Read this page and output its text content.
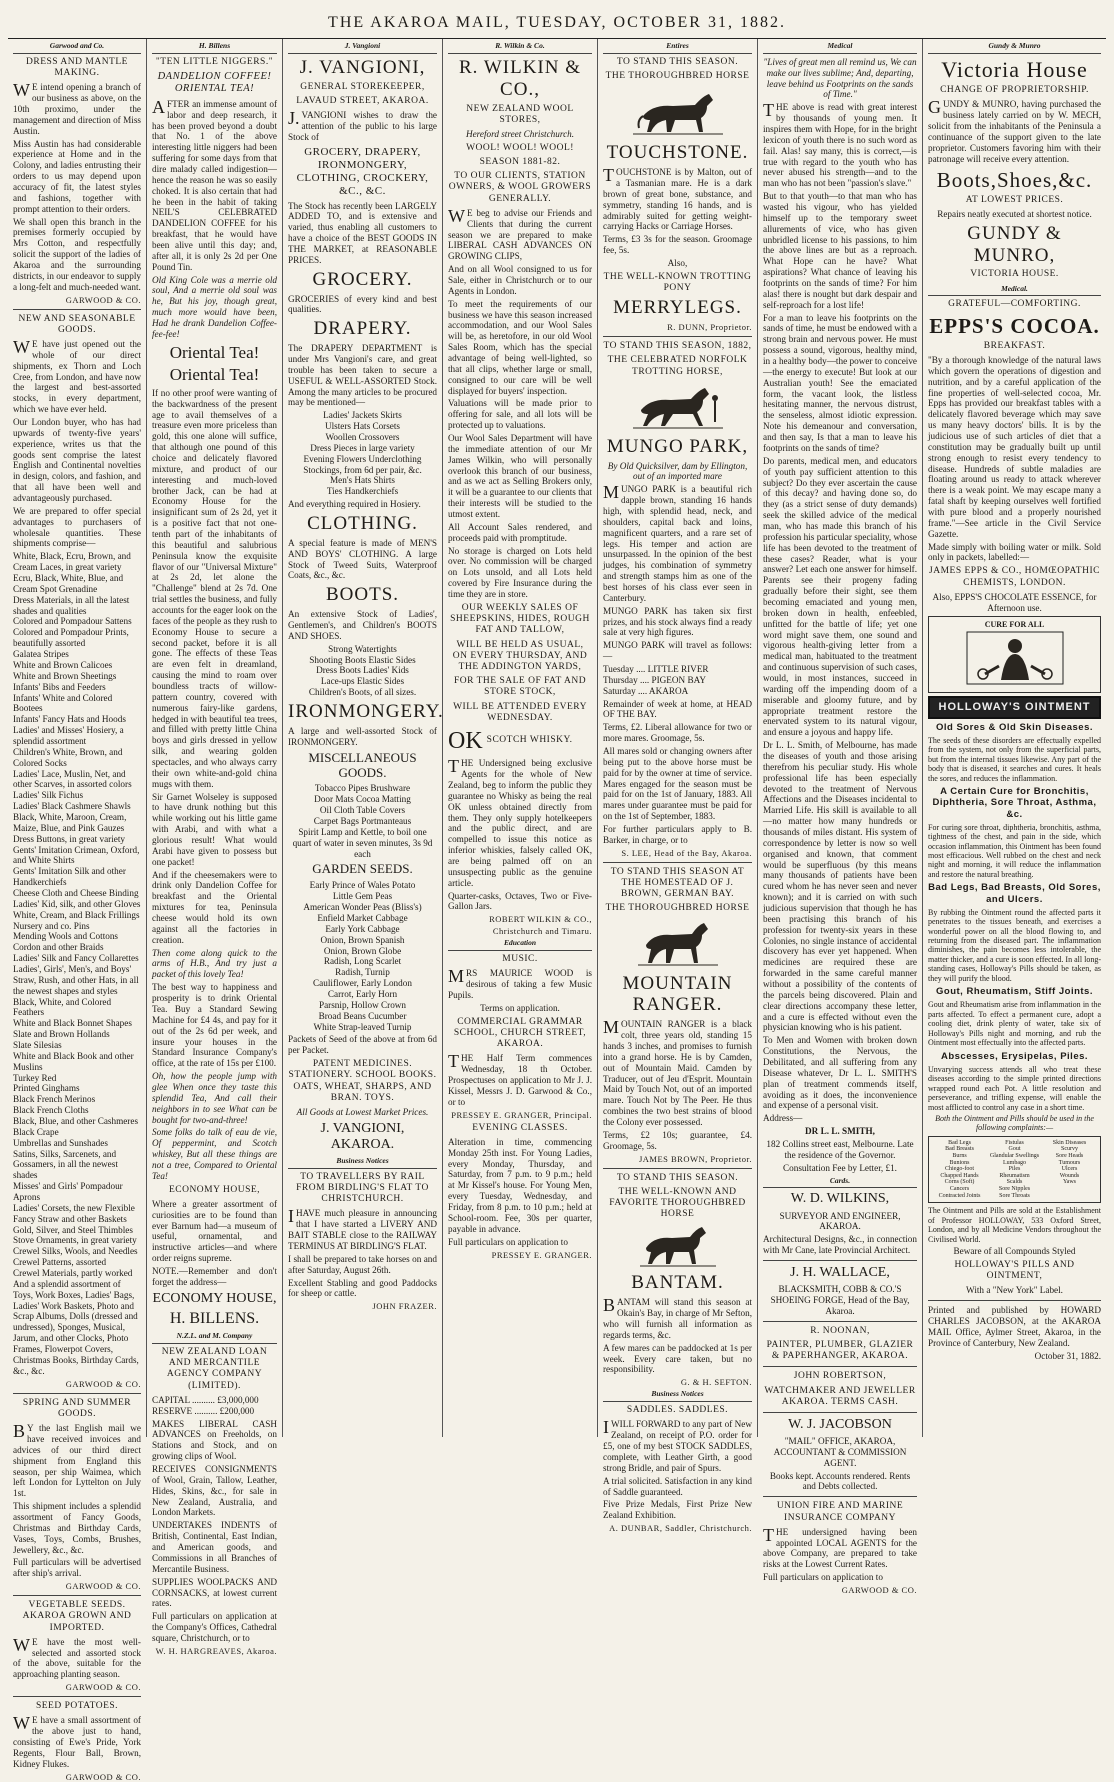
THE AKAROA MAIL, TUESDAY, OCTOBER 31, 1882.
Garwood and Co.
DRESS AND MANTLE MAKING.

WE intend opening a branch of our business as above, on the 10th proximo, under the management and direction of Miss Austin.

Miss Austin has had considerable experience at Home and in the Colony, and ladies entrusting their orders to us may depend upon accuracy of fit, the latest styles and fashions, together with prompt attention to their orders.

We shall open this branch in the premises formerly occupied by Mrs Cotton, and respectfully solicit the support of the ladies of Akaroa and the surrounding districts, in our endeavor to supply a long-felt and much-needed want.

GARWOOD & CO.
NEW AND SEASONABLE GOODS.

WE have just opened out the whole of our direct shipments, ex Thorn and Loch Cree, from London, and have now the largest and best-assorted stocks, in every department, which we have ever held.

Our London buyer, who has had upwards of twenty-five years' experience, writes us that the goods sent comprise the latest English and Continental novelties in design, colors, and fashion, and that all have been well and advantageously purchased.

We are prepared to offer special advantages to purchasers of wholesale quantities. These shipments comprise—

White, Black, Ecru, Brown, and Cream Laces, in great variety
Ecru, Black, White, Blue, and Cream Spot Grenadine
Dress Materials, in all the latest shades and qualities
Colored and Pompadour Sattens
Colored and Pompadour Prints, beautifully assorted
Galatea Stripes
White and Brown Calicoes
White and Brown Sheetings
Infants' Bibs and Feeders
Infants' White and Colored Bootees
Infants' Fancy Hats and Hoods
Ladies' and Misses' Hosiery, a splendid assortment
Children's White, Brown, and Colored Socks
Ladies' Lace, Muslin, Net, and other Scarves, in assorted colors
Ladies' Silk Fichus
Ladies' Black Cashmere Shawls
Black, White, Maroon, Cream, Maize, Blue, and Pink Gauzes
Dress Buttons, in great variety
Gents' Imitation Crimean, Oxford, and White Shirts
Gents' Imitation Silk and other Handkerchiefs
Cheese Cloth and Cheese Binding
Ladies' Kid, silk, and other Gloves
White, Cream, and Black Frillings
Nursery and co. Pins
Mending Wools and Cottons
Cordon and other Braids
Ladies' Silk and Fancy Collarettes
Ladies', Girls', Men's, and Boys' Straw, Rush, and other Hats, in all the newest shapes and styles
Black, White, and Colored Feathers
White and Black Bonnet Shapes
Slate and Brown Hollands
Slate Silesias
White and Black Book and other Muslins
Turkey Red
Printed Ginghams
Black French Merinos
Black French Cloths
Black, Blue, and other Cashmeres
Black Crape
Umbrellas and Sunshades
Satins, Silks, Sarcenets, and Gossamers, in all the newest shades
Misses' and Girls' Pompadour Aprons
Ladies' Corsets, the new Flexible
Fancy Straw and other Baskets
Gold, Silver, and Steel Thimbles
Stove Ornaments, in great variety
Crewel Silks, Wools, and Needles
Crewel Patterns, assorted
Crewel Materials, partly worked
And a splendid assortment of Toys, Work Boxes, Ladies' Bags, Ladies' Work Baskets, Photo and Scrap Albums, Dolls (dressed and undressed), Sponges, Musical, Jarum, and other Clocks, Photo Frames, Flowerpot Covers, Christmas Books, Birthday Cards, &c., &c.
GARWOOD & CO.
SPRING AND SUMMER GOODS.

BY the last English mail we have received invoices and advices of our third direct shipment from England this season, per ship Waimea, which left London for Lyttelton on July 1st.

This shipment includes a splendid assortment of Fancy Goods, Christmas and Birthday Cards, Vases, Toys, Combs, Brushes, Jewellery, &c., &c.

Full particulars will be advertised after ship's arrival.

GARWOOD & CO.
VEGETABLE SEEDS. AKAROA GROWN AND IMPORTED.

WE have the most well-selected and assorted stock of the above, suitable for the approaching planting season.

GARWOOD & CO.
SEED POTATOES.

WE have a small assortment of the above just to hand, consisting of Ewe's Pride, York Regents, Flour Ball, Brown, Kidney Flukes.

GARWOOD & CO.
H. Billens
"TEN LITTLE NIGGERS."
DANDELION COFFEE! ORIENTAL TEA!

AFTER an immense amount of labor and deep research, it has been proved beyond a doubt that No. 1 of the above interesting little niggers had been suffering for some days from that dire malady called indigestion—hence the reason he was so easily choked. It is also certain that had he been in the habit of taking NEIL'S CELEBRATED DANDELION COFFEE for his breakfast, that he would have been alive until this day; and, after all, it is only 2s 2d per One Pound Tin.

Old King Cole was a merrie old soul, And a merrie old soul was he, But his joy, though great, much more would have been, Had he drank Dandelion Coffee-fee-fee!

Oriental Tea!
Oriental Tea!

If no other proof were wanting of the backwardness of the present age to avail themselves of a treasure even more priceless than gold, this one alone will suffice, that although one pound of this choice and delicately flavored mixture, and product of our interesting and much-loved brother Jack, can be had at Economy House for the insignificant sum of 2s 2d, yet it is a positive fact that not one-tenth part of the inhabitants of this beautiful and salubrious Peninsula know the exquisite flavor of our "Universal Mixture" at 2s 2d, let alone the "Challenge" blend at 2s 7d. One trial settles the business, and fully accounts for the eager look on the faces of the people as they rush to Economy House to secure a second packet, before it is all gone. The effects of these Teas are even felt in dreamland, causing the mind to roam over boundless tracts of willow-pattern country, covered with numerous fairy-like gardens, hedged in with beautiful tea trees, and filled with pretty little China boys and girls dressed in yellow silk, and wearing golden spectacles, and who always carry their own white-and-gold china mugs with them.

Sir Garnet Wolseley is supposed to have drunk nothing but this while working out his little game with Arabi, and with what a glorious result! What would Arabi have given to possess but one packet!

And if the cheesemakers were to drink only Dandelion Coffee for breakfast and the Oriental mixtures for tea, Peninsula cheese would hold its own against all the factories in creation.

Then come along quick to the arms of H.B., And try just a packet of this lovely Tea!

The best way to happiness and prosperity is to drink Oriental Tea. Buy a Standard Sewing Machine for £4 4s, and pay for it out of the 2s 6d per week, and insure your houses in the Standard Insurance Company's office, at the rate of 15s per £100.

Oh, how the people jump with glee When once they taste this splendid Tea, And call their neighbors in to see What can be bought for two-and-three!

Some folks do talk of eau de vie, Of peppermint, and Scotch whiskey, But all these things are not a tree, Compared to Oriental Tea!

ECONOMY HOUSE,

Where a greater assortment of curiosities are to be found than ever Barnum had—a museum of useful, ornamental, and instructive articles—and where order reigns supreme.

NOTE.—Remember and don't forget the address—

ECONOMY HOUSE,
H. BILLENS.
N.Z.L. and M. Company
NEW ZEALAND LOAN AND MERCANTILE AGENCY COMPANY (LIMITED).
CAPITAL .......... £3,000,000
RESERVE .......... £200,000

MAKES LIBERAL CASH ADVANCES on Freeholds, on Stations and Stock, and on growing clips of Wool.

RECEIVES CONSIGNMENTS of Wool, Grain, Tallow, Leather, Hides, Skins, &c., for sale in New Zealand, Australia, and London Markets.

UNDERTAKES INDENTS of British, Continental, East Indian, and American goods, and Commissions in all Branches of Mercantile Business.

SUPPLIES WOOLPACKS AND CORNSACKS, at lowest current rates.

Full particulars on application at the Company's Offices, Cathedral square, Christchurch, or to

W. H. HARGREAVES, Akaroa.
J. Vangioni
J. VANGIONI,
GENERAL STOREKEEPER,
LAVAUD STREET, AKAROA.

J.VANGIONI wishes to draw the attention of the public to his large Stock of

GROCERY, DRAPERY, IRONMONGERY, CLOTHING, CROCKERY, &C., &C.

The Stock has recently been LARGELY ADDED TO, and is extensive and varied, thus enabling all customers to have a choice of the BEST GOODS IN THE MARKET, at REASONABLE PRICES.

GROCERY.

GROCERIES of every kind and best qualities.

DRAPERY.

The DRAPERY DEPARTMENT is under Mrs Vangioni's care, and great trouble has been taken to secure a USEFUL & WELL-ASSORTED Stock. Among the many articles to be procured may be mentioned—

Ladies' Jackets Skirts
Ulsters Hats Corsets
Woollen Crossovers
Dress Pieces in large variety
Evening Flowers Underclothing
Stockings, from 6d per pair, &c.
Men's Hats Shirts
Ties Handkerchiefs

And everything required in Hosiery.

CLOTHING.

A special feature is made of MEN'S AND BOYS' CLOTHING. A large Stock of Tweed Suits, Waterproof Coats, &c., &c.

BOOTS.

An extensive Stock of Ladies', Gentlemen's, and Children's BOOTS AND SHOES.

Strong Watertights
Shooting Boots Elastic Sides
Dress Boots Ladies' Kids
Lace-ups Elastic Sides
Children's Boots, of all sizes.
IRONMONGERY.

A large and well-assorted Stock of IRONMONGERY.

MISCELLANEOUS GOODS.
Tobacco Pipes Brushware
Door Mats Cocoa Matting
Oil Cloth Table Covers
Carpet Bags Portmanteaus
Spirit Lamp and Kettle, to boil one quart of water in seven minutes, 3s 9d each
GARDEN SEEDS.
Early Prince of Wales Potato
Little Gem Peas
American Wonder Peas (Bliss's)
Enfield Market Cabbage
Early York Cabbage
Onion, Brown Spanish
Onion, Brown Globe
Radish, Long Scarlet
Radish, Turnip
Cauliflower, Early London
Carrot, Early Horn
Parsnip, Hollow Crown
Broad Beans Cucumber
White Strap-leaved Turnip

Packets of Seed of the above at from 6d per Packet.

PATENT MEDICINES. STATIONERY. SCHOOL BOOKS. OATS, WHEAT, SHARPS, AND BRAN. TOYS.

All Goods at Lowest Market Prices.

J. VANGIONI, AKAROA.
Business Notices
TO TRAVELLERS BY RAIL FROM BIRDLING'S FLAT TO CHRISTCHURCH.

IHAVE much pleasure in announcing that I have started a LIVERY AND BAIT STABLE close to the RAILWAY TERMINUS AT BIRDLING'S FLAT.

I shall be prepared to take horses on and after Saturday, August 26th.

Excellent Stabling and good Paddocks for sheep or cattle.

JOHN FRAZER.
R. Wilkin & Co.
R. WILKIN & CO.,
NEW ZEALAND WOOL STORES,
Hereford street Christchurch.
WOOL! WOOL! WOOL!
SEASON 1881-82.
TO OUR CLIENTS, STATION OWNERS, & WOOL GROWERS GENERALLY.

WE beg to advise our Friends and Clients that during the current season we are prepared to make LIBERAL CASH ADVANCES ON GROWING CLIPS,

And on all Wool consigned to us for Sale, either in Christchurch or to our Agents in London.

To meet the requirements of our business we have this season increased accommodation, and our Wool Sales will be, as heretofore, in our old Wool Sales Room, which has the special advantage of being well-lighted, so that all clips, whether large or small, consigned to our care will be well displayed for buyers' inspection.

Valuations will be made prior to offering for sale, and all lots will be protected up to valuations.

Our Wool Sales Department will have the immediate attention of our Mr James Wilkin, who will personally overlook this branch of our business, and as we act as Selling Brokers only, it will be a guarantee to our clients that their interests will be studied to the utmost extent.

All Account Sales rendered, and proceeds paid with promptitude.

No storage is charged on Lots held over. No commission will be charged on Lots unsold, and all Lots held covered by Fire Insurance during the time they are in store.

OUR WEEKLY SALES OF SHEEPSKINS, HIDES, ROUGH FAT AND TALLOW,
WILL BE HELD AS USUAL, ON EVERY THURSDAY, AND THE ADDINGTON YARDS,
FOR THE SALE OF FAT AND STORE STOCK,
WILL BE ATTENDED EVERY WEDNESDAY.
OK SCOTCH WHISKY.

THE Undersigned being exclusive Agents for the whole of New Zealand, beg to inform the public they guarantee no Whisky as being the real OK unless obtained directly from them. They only supply hotelkeepers and the public direct, and are compelled to issue this notice as inferior whiskies, falsely called OK, are being palmed off on an unsuspecting public as the genuine article.

Quarter-casks, Octaves, Two or Five-Gallon Jars.

ROBERT WILKIN & CO.,
Christchurch and Timaru.
Education
MUSIC.

MRS MAURICE WOOD is desirous of taking a few Music Pupils.

Terms on application.

COMMERCIAL GRAMMAR SCHOOL, CHURCH STREET, AKAROA.

THE Half Term commences Wednesday, 18 th October. Prospectuses on application to Mr J. J. Kissel, Messrs J. D. Garwood & Co., or to

PRESSEY E. GRANGER, Principal.
EVENING CLASSES.

Alteration in time, commencing Monday 25th inst. For Young Ladies, every Monday, Thursday, and Saturday, from 7 p.m. to 9 p.m.; held at Mr Kissel's house. For Young Men, every Tuesday, Wednesday, and Friday, from 8 p.m. to 10 p.m.; held at School-room. Fee, 30s per quarter, payable in advance.

Full particulars on application to

PRESSEY E. GRANGER.
Entires
TO STAND THIS SEASON.
THE THOROUGHBRED HORSE
TOUCHSTONE.

TOUCHSTONE is by Malton, out of a Tasmanian mare. He is a dark brown of great bone, substance, and symmetry, standing 16 hands, and is admirably suited for getting weight-carrying Hacks or Carriage Horses.

Terms, £3 3s for the season. Groomage fee, 5s.

Also,

THE WELL-KNOWN TROTTING PONY
MERRYLEGS.
R. DUNN, Proprietor.
TO STAND THIS SEASON, 1882,
THE CELEBRATED NORFOLK TROTTING HORSE,
MUNGO PARK,

By Old Quicksilver, dam by Ellington, out of an imported mare

MUNGO PARK is a beautiful rich dapple brown, standing 16 hands high, with splendid head, neck, and shoulders, capital back and loins, magnificent quarters, and a rare set of legs. His temper and action are unsurpassed. In the opinion of the best judges, his combination of symmetry and strength stamps him as one of the best horses of his class ever seen in Canterbury.

MUNGO PARK has taken six first prizes, and his stock always find a ready sale at very high figures.

MUNGO PARK will travel as follows:—

Tuesday .... LITTLE RIVER
Thursday .... PIGEON BAY
Saturday .... AKAROA

Remainder of week at home, at HEAD OF THE BAY.

Terms, £2. Liberal allowance for two or more mares. Groomage, 5s.

All mares sold or changing owners after being put to the above horse must be paid for by the owner at time of service. Mares engaged for the season must be paid for on the 1st of January, 1883. All mares under guarantee must be paid for on the 1st of September, 1883.

For further particulars apply to B. Barker, in charge, or to

S. LEE, Head of the Bay, Akaroa.
TO STAND THIS SEASON AT THE HOMESTEAD OF J. BROWN, GERMAN BAY.
THE THOROUGHBRED HORSE
MOUNTAIN RANGER.

MOUNTAIN RANGER is a black colt, three years old, standing 15 hands 3 inches, and promises to furnish into a grand horse. He is by Camden, out of Mountain Maid. Camden by Traducer, out of Jeu d'Esprit. Mountain Maid by Touch Not, out of an imported mare. Touch Not by The Peer. He thus combines the two best strains of blood the Colony ever possessed.

Terms, £2 10s; guarantee, £4. Groomage, 5s.

JAMES BROWN, Proprietor.
TO STAND THIS SEASON.
THE WELL-KNOWN AND FAVORITE THOROUGHBRED HORSE
BANTAM.

BANTAM will stand this season at Okain's Bay, in charge of Mr Sefton, who will furnish all information as regards terms, &c.

A few mares can be paddocked at 1s per week. Every care taken, but no responsibility.

G. & H. SEFTON.
Business Notices
SADDLES. SADDLES.

IWILL FORWARD to any part of New Zealand, on receipt of P.O. order for £5, one of my best STOCK SADDLES, complete, with Leather Girth, a good strong Bridle, and pair of Spurs.

A trial solicited. Satisfaction in any kind of Saddle guaranteed.

Five Prize Medals, First Prize New Zealand Exhibition.

A. DUNBAR, Saddler, Christchurch.
Medical

"Lives of great men all remind us, We can make our lives sublime; And, departing, leave behind us Footprints on the sands of Time."

THE above is read with great interest by thousands of young men. It inspires them with Hope, for in the bright lexicon of youth there is no such word as fail. Alas! say many, this is correct,—is true with regard to the youth who has never abused his strength—and to the man who has not been "passion's slave."

But to that youth—to that man who has wasted his vigour, who has yielded himself up to the temporary sweet allurements of vice, who has given unbridled license to his passions, to him the above lines are but as a reproach. What Hope can he have? What aspirations? What chance of leaving his footprints on the sands of time? For him alas! there is nought but dark despair and self-reproach for a lost life!

For a man to leave his footprints on the sands of time, he must be endowed with a strong brain and nervous power. He must possess a sound, vigorous, healthy mind, in a healthy body—the power to conceive—the energy to execute! But look at our Australian youth! See the emaciated form, the vacant look, the listless hesitating manner, the nervous distrust, the senseless, almost idiotic expression. Note his demeanour and conversation, and then say, Is that a man to leave his footprints on the sands of time?

Do parents, medical men, and educators of youth pay sufficient attention to this subject? Do they ever ascertain the cause of this decay? and having done so, do they (as a strict sense of duty demands) seek the skilled advice of the medical man, who has made this branch of his profession his particular speciality, whose life has been devoted to the treatment of these cases? Reader, what is your answer? Let each one answer for himself. Parents see their progeny fading gradually before their sight, see them becoming emaciated and young men, broken down in health, enfeebled, unfitted for the battle of life; yet one word might save them, one sound and vigorous health-giving letter from a medical man, habituated to the treatment and continuous supervision of such cases, would, in most instances, succeed in warding off the impending doom of a miserable and gloomy future, and by appropriate treatment restore the enervated system to its natural vigour, and ensure a joyous and happy life.

Dr L. L. Smith, of Melbourne, has made the diseases of youth and those arising therefrom his peculiar study. His whole professional life has been especially devoted to the treatment of Nervous Affections and the Diseases incidental to Married Life. His skill is available to all—no matter how many hundreds or thousands of miles distant. His system of correspondence by letter is now so well organised and known, that comment would be superfluous (by this means many thousands of patients have been cured whom he has never seen and never known); and it is carried on with such judicious supervision that though he has been practising this branch of his profession for twenty-six years in these Colonies, no single instance of accidental discovery has ever yet happened. When medicines are required these are forwarded in the same careful manner without a possibility of the contents of the parcels being discovered. Plain and clear directions accompany these letter, and a cure is effected without even the physician knowing who is his patient.

To Men and Women with broken down Constitutions, the Nervous, the Debilitated, and all suffering from any Disease whatever, Dr L. L. SMITH'S plan of treatment commends itself, avoiding as it does, the inconvenience and expense of a personal visit.

Address—

DR L. L. SMITH,

182 Collins street east, Melbourne. Late the residence of the Governor.

Consultation Fee by Letter, £1.

Cards.
W. D. WILKINS,

SURVEYOR AND ENGINEER, AKAROA.

Architectural Designs, &c., in connection with Mr Cane, late Provincial Architect.

J. H. WALLACE,

BLACKSMITH, COBB & CO.'S SHOEING FORGE, Head of the Bay, Akaroa.

R. NOONAN,
PAINTER, PLUMBER, GLAZIER & PAPERHANGER, AKAROA.
JOHN ROBERTSON,
WATCHMAKER AND JEWELLER AKAROA. TERMS CASH.
W. J. JACOBSON

"MAIL" OFFICE, AKAROA, ACCOUNTANT & COMMISSION AGENT.

Books kept. Accounts rendered. Rents and Debts collected.

UNION FIRE AND MARINE INSURANCE COMPANY

THE undersigned having been appointed LOCAL AGENTS for the above Company, are prepared to take risks at the Lowest Current Rates.

Full particulars on application to

GARWOOD & CO.
Gundy & Munro
Victoria House
CHANGE OF PROPRIETORSHIP.

GUNDY & MUNRO, having purchased the business lately carried on by W. MECH, solicit from the inhabitants of the Peninsula a continuance of the support given to the late proprietor. Customers favoring him with their patronage will receive every attention.

Boots,Shoes,&c.
AT LOWEST PRICES.

Repairs neatly executed at shortest notice.

GUNDY & MUNRO,
VICTORIA HOUSE.
Medical.
GRATEFUL—COMFORTING.
EPPS'S COCOA.
BREAKFAST.

"By a thorough knowledge of the natural laws which govern the operations of digestion and nutrition, and by a careful application of the fine properties of well-selected cocoa, Mr. Epps has provided our breakfast tables with a delicately flavored beverage which may save us many heavy doctors' bills. It is by the judicious use of such articles of diet that a constitution may be gradually built up until strong enough to resist every tendency to disease. Hundreds of subtle maladies are floating around us ready to attack wherever there is a weak point. We may escape many a fatal shaft by keeping ourselves well fortified with pure blood and a properly nourished frame."—See article in the Civil Service Gazette.

Made simply with boiling water or milk. Sold only in packets, labelled:—

JAMES EPPS & CO., HOMŒOPATHIC CHEMISTS, LONDON.

Also, EPPS'S CHOCOLATE ESSENCE, for Afternoon use.

CURE FOR ALL
HOLLOWAY'S OINTMENT
Old Sores & Old Skin Diseases.

The seeds of these disorders are effectually expelled from the system, not only from the superficial parts, but from the internal tissues likewise. Any part of the body that is diseased, it searches and cures. It heals the sores, and reduces the inflammation.

A Certain Cure for Bronchitis, Diphtheria, Sore Throat, Asthma, &c.

For curing sore throat, diphtheria, bronchitis, asthma, tightness of the chest, and pain in the side, which occasion inflammation, this Ointment has been found most efficacious. Well rubbed on the chest and neck night and morning, it will reduce the inflammation and restore the natural breathing.

Bad Legs, Bad Breasts, Old Sores, and Ulcers.

By rubbing the Ointment round the affected parts it penetrates to the tissues beneath, and exercises a wonderful power on all the blood flowing to, and returning from the diseased part. The inflammation diminishes, the pain becomes less intolerable, the matter thicker, and a cure is soon effected. In all long-standing cases, Holloway's Pills should be taken, as they will purify the blood.

Gout, Rheumatism, Stiff Joints.

Gout and Rheumatism arise from inflammation in the parts affected. To effect a permanent cure, adopt a cooling diet, drink plenty of water, take six of Holloway's Pills night and morning, and rub the Ointment most effectually into the affected parts.

Abscesses, Erysipelas, Piles.

Unvarying success attends all who treat these diseases according to the simple printed directions wrapped round each Pot. A little resolution and perseverance, and trifling expense, will enable the most afflicted to control any case in a short time.

Both the Ointment and Pills should be used in the following complaints:—

Bad Legs
Bad Breasts
Burns
Bunions
Chiego-foot
Chapped Hands
Corns (Soft)
Cancers
Contracted Joints
Fistulas
Gout
Glandular Swellings
Lumbago
Piles
Rheumatism
Scalds
Sore Nipples
Sore Throats
Skin Diseases
Scurvy
Sore Heads
Tumours
Ulcers
Wounds
Yaws

The Ointment and Pills are sold at the Establishment of Professor HOLLOWAY, 533 Oxford Street, London, and by all Medicine Vendors throughout the Civilised World.

Beware of all Compounds Styled

HOLLOWAY'S PILLS AND OINTMENT,
With a "New York" Label.

Printed and published by HOWARD CHARLES JACOBSON, at the AKAROA MAIL Office, Aylmer Street, Akaroa, in the Province of Canterbury, New Zealand.

October 31, 1882.
